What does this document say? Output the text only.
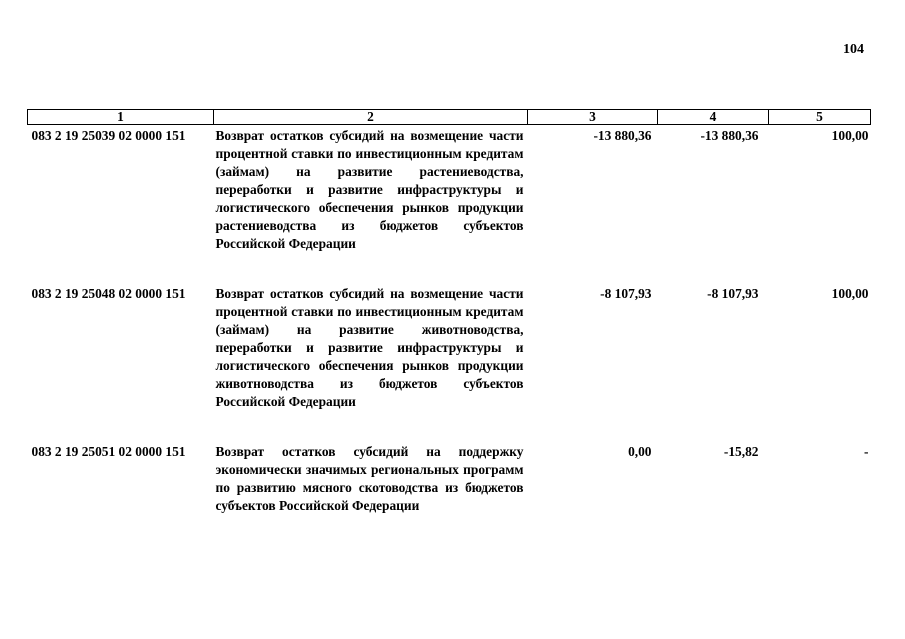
104
1	2	3	4	5
083 2 19 25039 02 0000 151	Возврат остатков субсидий на возмещение части процентной ставки по инвестиционным кредитам (займам) на развитие растениеводства, переработки и развитие инфраструктуры и логистического обеспечения рынков продукции растениеводства из бюджетов субъектов Российской Федерации	-13 880,36	-13 880,36	100,00
083 2 19 25048 02 0000 151	Возврат остатков субсидий на возмещение части процентной ставки по инвестиционным кредитам (займам) на развитие животноводства, переработки и развитие инфраструктуры и логистического обеспечения рынков продукции животноводства из бюджетов субъектов Российской Федерации	-8 107,93	-8 107,93	100,00
083 2 19 25051 02 0000 151	Возврат остатков субсидий на поддержку экономически значимых региональных программ по развитию мясного скотоводства из бюджетов субъектов Российской Федерации	0,00	-15,82	-
